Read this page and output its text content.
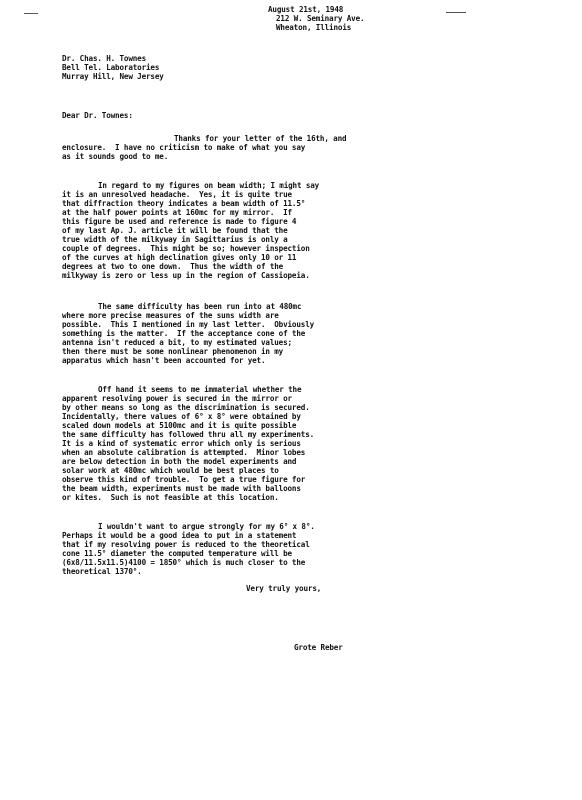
August 21st, 1948
212 W. Seminary Ave.
Wheaton, Illinois
Dr. Chas. H. Townes
Bell Tel. Laboratories
Murray Hill, New Jersey
Dear Dr. Townes:
Thanks for your letter of the 16th, and
enclosure.  I have no criticism to make of what you say
as it sounds good to me.
In regard to my figures on beam width; I might say
it is an unresolved headache.  Yes, it is quite true
that diffraction theory indicates a beam width of 11.5°
at the half power points at 160mc for my mirror.  If
this figure be used and reference is made to figure 4
of my last Ap. J. article it will be found that the
true width of the milkyway in Sagittarius is only a
couple of degrees.  This might be so; however inspection
of the curves at high declination gives only 10 or 11
degrees at two to one down.  Thus the width of the
milkyway is zero or less up in the region of Cassiopeia.
The same difficulty has been run into at 480mc
where more precise measures of the suns width are
possible.  This I mentioned in my last letter.  Obviously
something is the matter.  If the acceptance cone of the
antenna isn't reduced a bit, to my estimated values;
then there must be some nonlinear phenomenon in my
apparatus which hasn't been accounted for yet.
Off hand it seems to me immaterial whether the
apparent resolving power is secured in the mirror or
by other means so long as the discrimination is secured.
Incidentally, there values of 6° x 8° were obtained by
scaled down models at 5100mc and it is quite possible
the same difficulty has followed thru all my experiments.
It is a kind of systematic error which only is serious
when an absolute calibration is attempted.  Minor lobes
are below detection in both the model experiments and
solar work at 480mc which would be best places to
observe this kind of trouble.  To get a true figure for
the beam width, experiments must be made with balloons
or kites.  Such is not feasible at this location.
I wouldn't want to argue strongly for my 6° x 8°.
Perhaps it would be a good idea to put in a statement
that if my resolving power is reduced to the theoretical
cone 11.5° diameter the computed temperature will be
(6x8/11.5x11.5)4100 = 1850° which is much closer to the
theoretical 1370°.
Very truly yours,
Grote Reber
